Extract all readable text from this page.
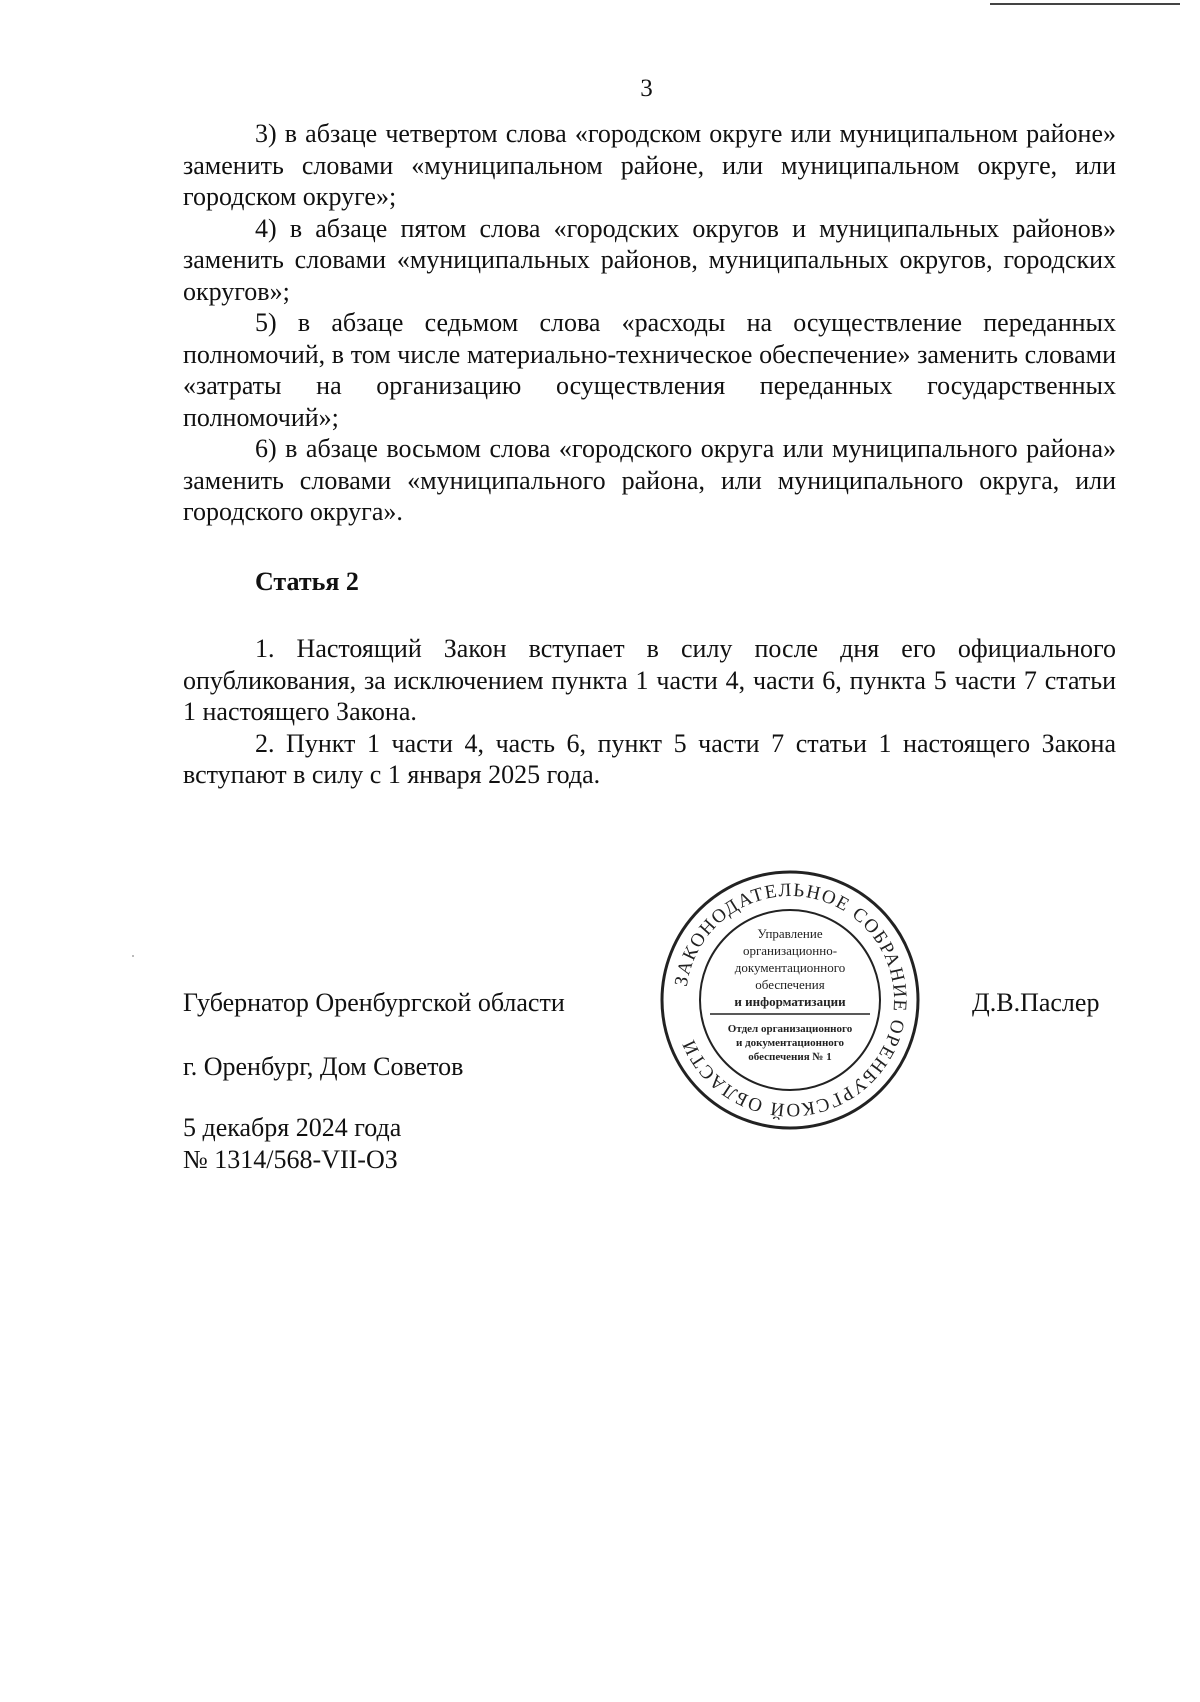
3

3) в абзаце четвертом слова «городском округе или муниципальном районе» заменить словами «муниципальном районе, или муниципальном округе, или городском округе»;

4) в абзаце пятом слова «городских округов и муниципальных районов» заменить словами «муниципальных районов, муниципальных округов, городских округов»;

5) в абзаце седьмом слова «расходы на осуществление переданных полномочий, в том числе материально-техническое обеспечение» заменить словами «затраты на организацию осуществления переданных государственных полномочий»;

6) в абзаце восьмом слова «городского округа или муниципального района» заменить словами «муниципального района, или муниципального округа, или городского округа».

Статья 2

1. Настоящий Закон вступает в силу после дня его официального опубликования, за исключением пункта 1 части 4, части 6, пункта 5 части 7 статьи 1 настоящего Закона.

2. Пункт 1 части 4, часть 6, пункт 5 части 7 статьи 1 настоящего Закона вступают в силу с 1 января 2025 года.

Губернатор Оренбургской области	Д.В.Паслер
г. Оренбург, Дом Советов
5 декабря 2024 года
№ 1314/568-VII-ОЗ
ЗАКОНОДАТЕЛЬНОЕ СОБРАНИЕ ОРЕНБУРГСКОЙ ОБЛАСТИ
Управление
организационно-
документационного
обеспечения
и информатизации
Отдел организационного
и документационного
обеспечения № 1
